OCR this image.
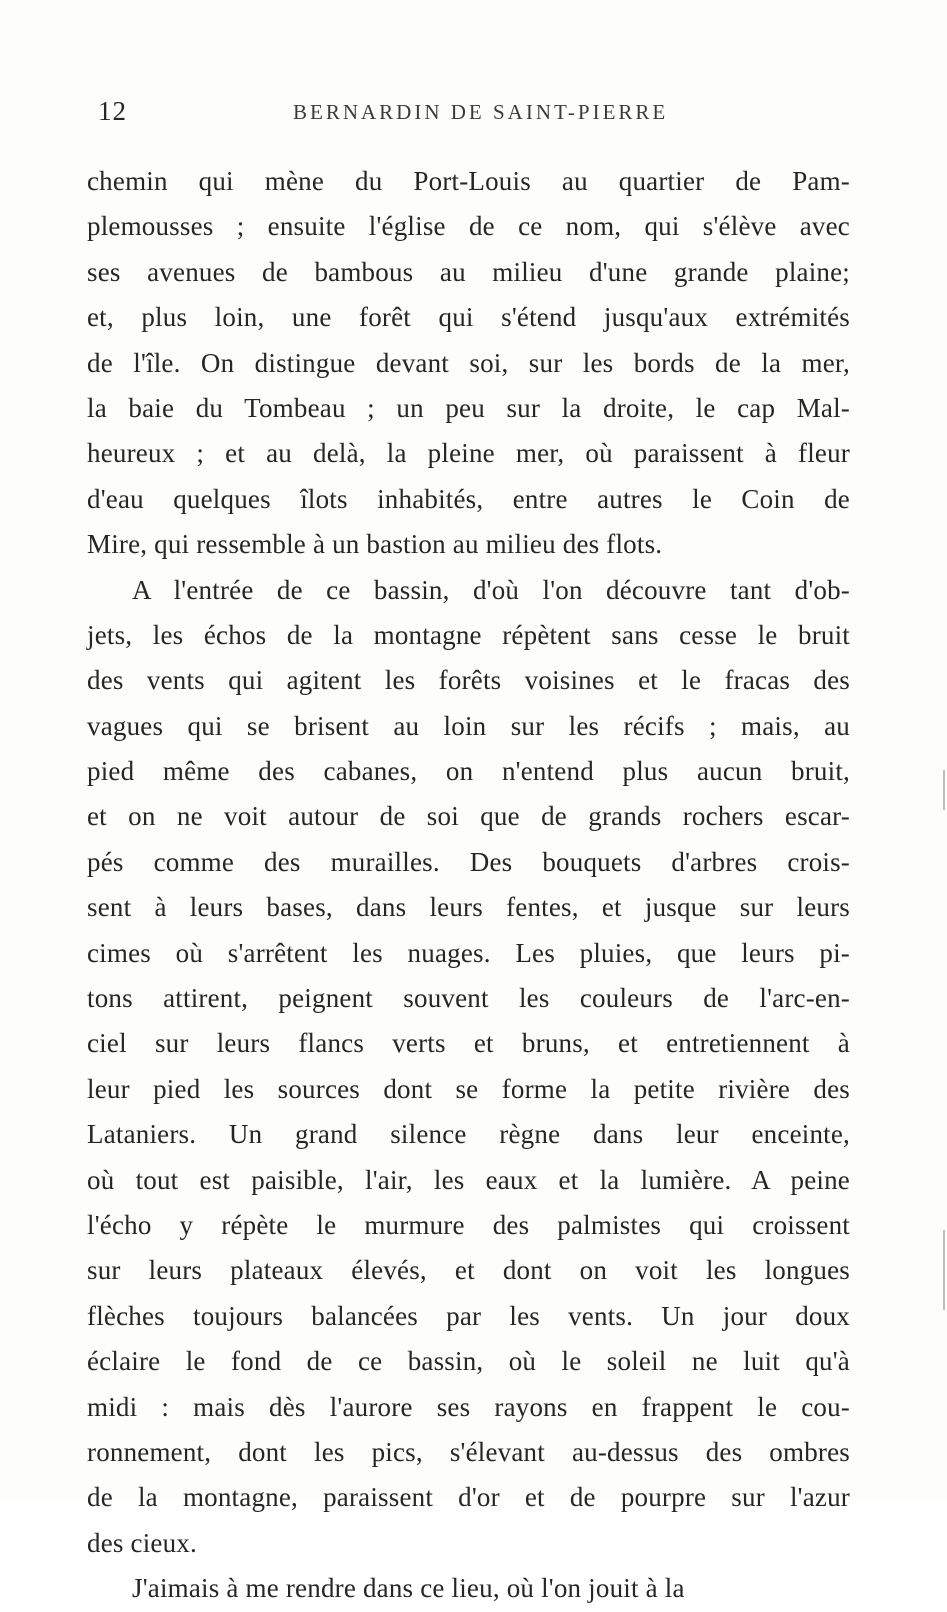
12	BERNARDIN DE SAINT-PIERRE
chemin qui mène du Port-Louis au quartier de Pam-
plemousses ; ensuite l'église de ce nom, qui s'élève avec
ses avenues de bambous au milieu d'une grande plaine;
et, plus loin, une forêt qui s'étend jusqu'aux extrémités
de l'île. On distingue devant soi, sur les bords de la mer,
la baie du Tombeau ; un peu sur la droite, le cap Mal-
heureux ; et au delà, la pleine mer, où paraissent à fleur
d'eau quelques îlots inhabités, entre autres le Coin de
Mire, qui ressemble à un bastion au milieu des flots.
A l'entrée de ce bassin, d'où l'on découvre tant d'ob-
jets, les échos de la montagne répètent sans cesse le bruit
des vents qui agitent les forêts voisines et le fracas des
vagues qui se brisent au loin sur les récifs ; mais, au
pied même des cabanes, on n'entend plus aucun bruit,
et on ne voit autour de soi que de grands rochers escar-
pés comme des murailles. Des bouquets d'arbres crois-
sent à leurs bases, dans leurs fentes, et jusque sur leurs
cimes où s'arrêtent les nuages. Les pluies, que leurs pi-
tons attirent, peignent souvent les couleurs de l'arc-en-
ciel sur leurs flancs verts et bruns, et entretiennent à
leur pied les sources dont se forme la petite rivière des
Lataniers. Un grand silence règne dans leur enceinte,
où tout est paisible, l'air, les eaux et la lumière. A peine
l'écho y répète le murmure des palmistes qui croissent
sur leurs plateaux élevés, et dont on voit les longues
flèches toujours balancées par les vents. Un jour doux
éclaire le fond de ce bassin, où le soleil ne luit qu'à
midi : mais dès l'aurore ses rayons en frappent le cou-
ronnement, dont les pics, s'élevant au-dessus des ombres
de la montagne, paraissent d'or et de pourpre sur l'azur
des cieux.
J'aimais à me rendre dans ce lieu, où l'on jouit à la
